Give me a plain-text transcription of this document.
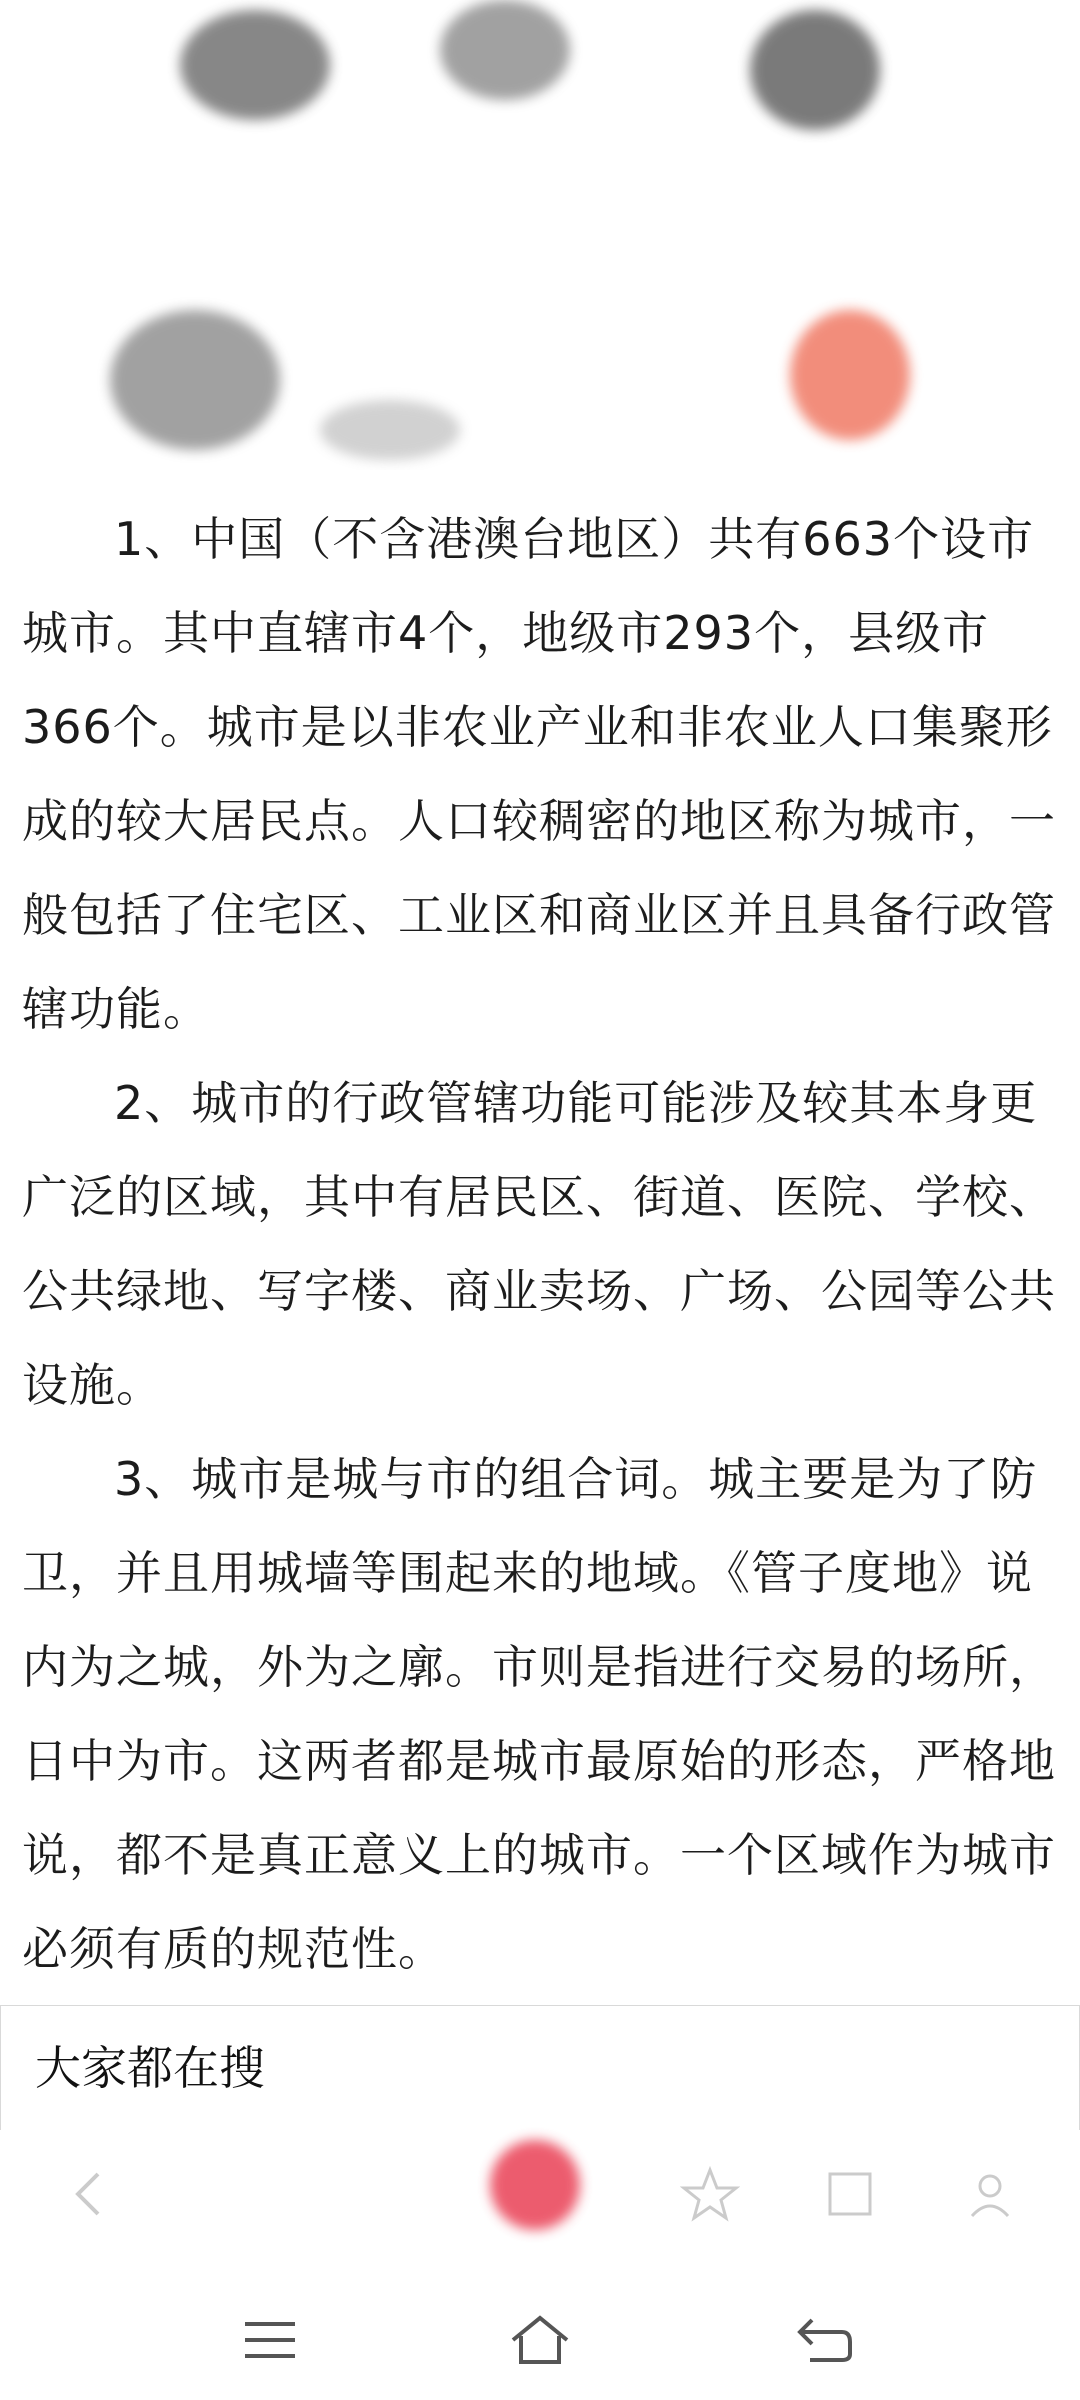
1、中国（不含港澳台地区）共有663个设市城市。其中直辖市4个，地级市293个，县级市366个。城市是以非农业产业和非农业人口集聚形成的较大居民点。人口较稠密的地区称为城市，一般包括了住宅区、工业区和商业区并且具备行政管辖功能。

2、城市的行政管辖功能可能涉及较其本身更广泛的区域，其中有居民区、街道、医院、学校、公共绿地、写字楼、商业卖场、广场、公园等公共设施。

3、城市是城与市的组合词。城主要是为了防卫，并且用城墙等围起来的地域。《管子度地》说内为之城，外为之廓。市则是指进行交易的场所，日中为市。这两者都是城市最原始的形态，严格地说，都不是真正意义上的城市。一个区域作为城市必须有质的规范性。

大家都在搜
